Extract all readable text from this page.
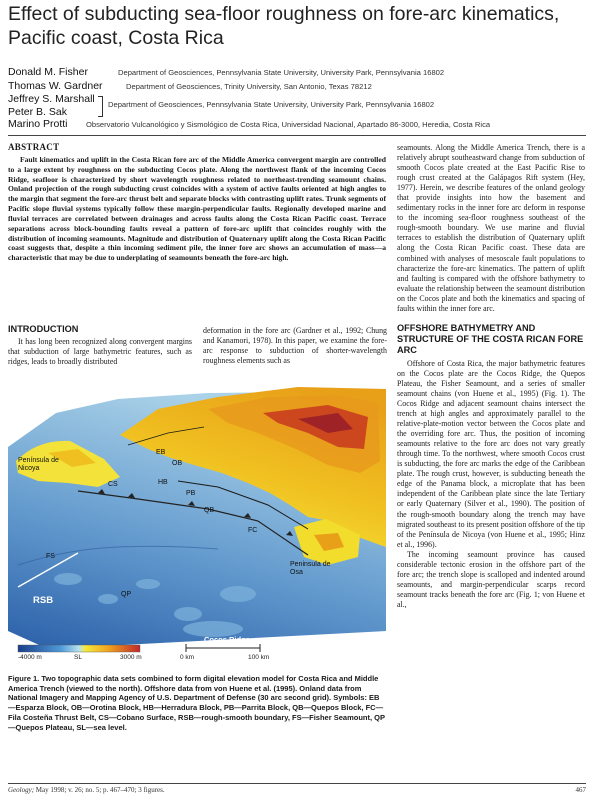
Effect of subducting sea-floor roughness on fore-arc kinematics, Pacific coast, Costa Rica
Donald M. Fisher	Department of Geosciences, Pennsylvania State University, University Park, Pennsylvania 16802
Thomas W. Gardner	Department of Geosciences, Trinity University, San Antonio, Texas 78212
Jeffrey S. Marshall
Peter B. Sak
Department of Geosciences, Pennsylvania State University, University Park, Pennsylvania 16802
Marino Protti Observatorio Vulcanológico y Sismológico de Costa Rica, Universidad Nacional, Apartado 86-3000, Heredia, Costa Rica

ABSTRACT
Fault kinematics and uplift in the Costa Rican fore arc of the Middle America convergent margin are controlled to a large extent by roughness on the subducting Cocos plate. Along the northwest flank of the incoming Cocos Ridge, seafloor is characterized by short wavelength roughness related to northeast-trending seamount chains. Onland projection of the rough subducting crust coincides with a system of active faults oriented at high angles to the margin that segment the fore-arc thrust belt and separate blocks with contrasting uplift rates. Trunk segments of Pacific slope fluvial systems typically follow these margin-perpendicular faults. Regionally developed marine and fluvial terraces are correlated between drainages and across faults along the Costa Rican Pacific coast. Terrace separations across block-bounding faults reveal a pattern of fore-arc uplift that coincides roughly with the distribution of incoming seamounts. Magnitude and distribution of Quaternary uplift along the Costa Rican Pacific coast suggests that, despite a thin incoming sediment pile, the inner fore arc shows an accumulation of mass—a characteristic that may be due to underplating of seamounts beneath the fore-arc high.

INTRODUCTION

It has long been recognized along convergent margins that subduction of large bathymetric features, such as ridges, leads to broadly distributed

deformation in the fore arc (Gardner et al., 1992; Chung and Kanamori, 1978). In this paper, we examine the fore-arc response to subduction of shorter-wavelength roughness elements such as

seamounts. Along the Middle America Trench, there is a relatively abrupt southeastward change from subduction of smooth Cocos plate created at the East Pacific Rise to rough crust created at the Galápagos Rift system (Hey, 1977). Herein, we describe features of the onland geology that provide insights into how the basement and sedimentary rocks in the inner fore arc deform in response to the incoming sea-floor roughness southeast of the rough-smooth boundary. We use marine and fluvial terraces to establish the distribution of Quaternary uplift along the Costa Rican Pacific coast. These data are combined with analyses of mesoscale fault populations to characterize the fore-arc kinematics. The pattern of uplift and faulting is compared with the offshore bathymetry to evaluate the relationship between the seamount distribution on the Cocos plate and both the kinematics and spacing of faults within the inner fore arc.

OFFSHORE BATHYMETRY AND STRUCTURE OF THE COSTA RICAN FORE ARC

Offshore of Costa Rica, the major bathymetric features on the Cocos plate are the Cocos Ridge, the Quepos Plateau, the Fisher Seamount, and a series of smaller seamount chains (von Huene et al., 1995) (Fig. 1). The Cocos Ridge and adjacent seamount chains intersect the trench at high angles and approximately parallel to the relative-plate-motion vector between the Cocos plate and the overriding fore arc. Thus, the position of incoming seamounts relative to the fore arc does not vary greatly through time. To the northwest, where smooth Cocos crust is subducting, the fore arc marks the edge of the Caribbean plate. The rough crust, however, is subducting beneath the edge of the Panama block, a microplate that has been independent of the Caribbean plate since the late Tertiary or early Quaternary (Silver et al., 1990). The position of the rough-smooth boundary along the trench may have migrated southeast to its present position offshore of the tip of the Península de Nicoya (von Huene et al., 1995; Hinz et al., 1996).

The incoming seamount province has caused considerable tectonic erosion in the offshore part of the fore arc; the trench slope is scalloped and indented around seamounts, and margin-perpendicular scarps record seamount tracks beneath the fore arc (Fig. 1; von Huene et al.,

EB
OB
HB
PB
QB
FC
CS
FS
RSB
QP
Península de Nicoya
Peninsula de Osa
Cocos Ridge
-4000 m	SL	3000 m	0 km	100 km

Figure 1. Two topographic data sets combined to form digital elevation model for Costa Rica and Middle America Trench (viewed to the north). Offshore data from von Huene et al. (1995). Onland data from National Imagery and Mapping Agency of U.S. Department of Defense (30 arc second grid). Symbols: EB—Esparza Block, OB—Orotina Block, HB—Herradura Block, PB—Parrita Block, QB—Quepos Block, FC—Fila Costeña Thrust Belt, CS—Cobano Surface, RSB—rough-smooth boundary, FS—Fisher Seamount, QP—Quepos Plateau, SL—sea level.

Geology; May 1998; v. 26; no. 5; p. 467–470; 3 figures.	467
